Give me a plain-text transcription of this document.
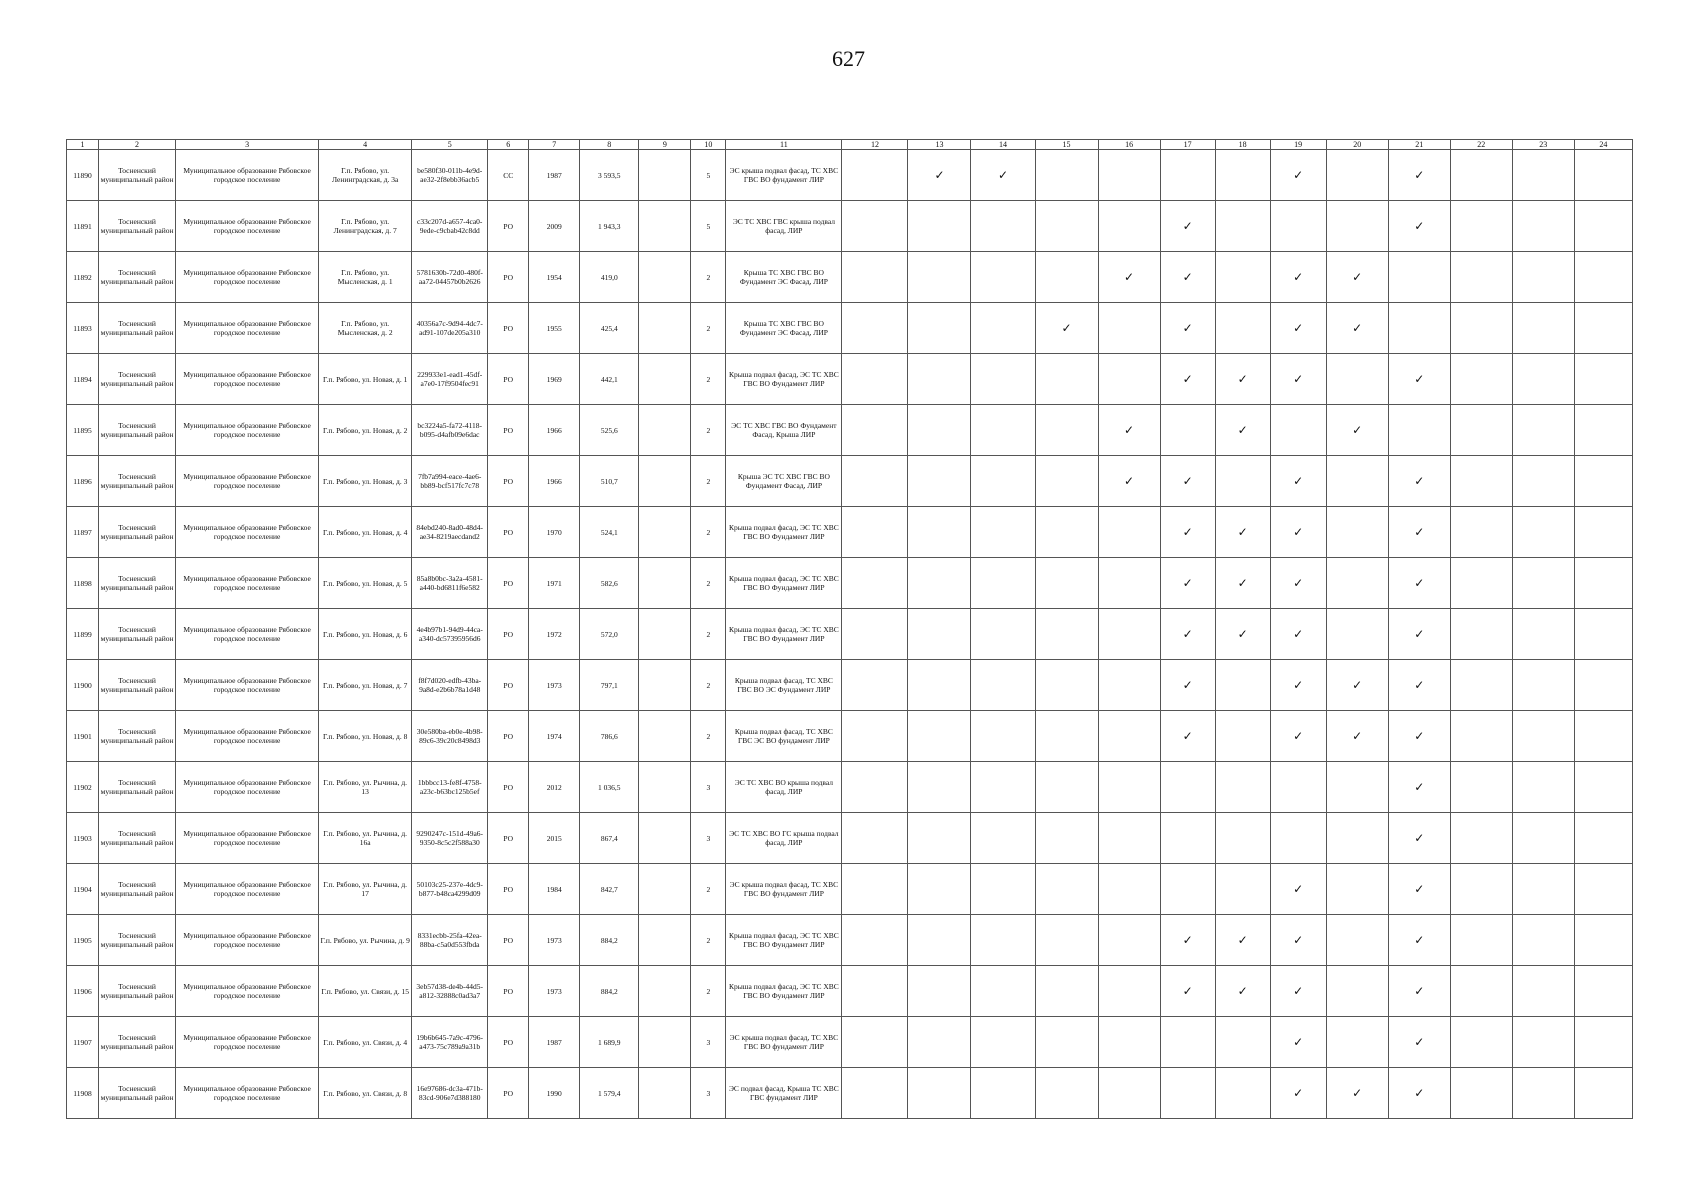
627
1	2	3	4	5	6	7	8	9	10	11	12	13	14	15	16	17	18	19	20	21	22	23	24
11890	Тосненский муниципальный район	Муниципальное образование Рябовское городское поселение	Г.п. Рябово, ул. Ленинградская, д. 3а	be580f30-011b-4e9d-ae32-2f8ebb36acb5	СС	1987	3 593,5		5	ЭС крыша подвал фасад, ТС ХВС ГВС ВО фундамент ЛИР		✓	✓					✓		✓			
11891	Тосненский муниципальный район	Муниципальное образование Рябовское городское поселение	Г.п. Рябово, ул. Ленинградская, д. 7	c33c207d-a657-4ca0-9ede-c9cbab42c8dd	РО	2009	1 943,3		5	ЭС ТС ХВС ГВС крыша подвал фасад, ЛИР						✓				✓			
11892	Тосненский муниципальный район	Муниципальное образование Рябовское городское поселение	Г.п. Рябово, ул. Мысленская, д. 1	5781630b-72d0-480f-aa72-04457b0b2626	РО	1954	419,0		2	Крыша ТС ХВС ГВС ВО Фундамент ЭС Фасад, ЛИР					✓	✓		✓	✓				
11893	Тосненский муниципальный район	Муниципальное образование Рябовское городское поселение	Г.п. Рябово, ул. Мысленская, д. 2	40356a7c-9d94-4dc7-ad91-107de205a310	РО	1955	425,4		2	Крыша ТС ХВС ГВС ВО Фундамент ЭС Фасад, ЛИР				✓		✓		✓	✓				
11894	Тосненский муниципальный район	Муниципальное образование Рябовское городское поселение	Г.п. Рябово, ул. Новая, д. 1	229933e1-ead1-45df-a7e0-17f9504fec91	РО	1969	442,1		2	Крыша подвал фасад, ЭС ТС ХВС ГВС ВО Фундамент ЛИР						✓	✓	✓		✓			
11895	Тосненский муниципальный район	Муниципальное образование Рябовское городское поселение	Г.п. Рябово, ул. Новая, д. 2	bc3224a5-fa72-4118-b095-d4afb09e6dac	РО	1966	525,6		2	ЭС ТС ХВС ГВС ВО Фундамент Фасад, Крыша ЛИР					✓		✓		✓				
11896	Тосненский муниципальный район	Муниципальное образование Рябовское городское поселение	Г.п. Рябово, ул. Новая, д. 3	7fb7a994-eace-4ae6-bb89-bcf517fc7c78	РО	1966	510,7		2	Крыша ЭС ТС ХВС ГВС ВО Фундамент Фасад, ЛИР					✓	✓		✓		✓			
11897	Тосненский муниципальный район	Муниципальное образование Рябовское городское поселение	Г.п. Рябово, ул. Новая, д. 4	84ebd240-8ad0-48d4-ae34-8219aecdand2	РО	1970	524,1		2	Крыша подвал фасад, ЭС ТС ХВС ГВС ВО Фундамент ЛИР						✓	✓	✓		✓			
11898	Тосненский муниципальный район	Муниципальное образование Рябовское городское поселение	Г.п. Рябово, ул. Новая, д. 5	85a8b0bc-3a2a-4581-a440-bd6811f6e582	РО	1971	582,6		2	Крыша подвал фасад, ЭС ТС ХВС ГВС ВО Фундамент ЛИР						✓	✓	✓		✓			
11899	Тосненский муниципальный район	Муниципальное образование Рябовское городское поселение	Г.п. Рябово, ул. Новая, д. 6	4e4b97b1-94d9-44ca-a340-dc57395956d6	РО	1972	572,0		2	Крыша подвал фасад, ЭС ТС ХВС ГВС ВО Фундамент ЛИР						✓	✓	✓		✓			
11900	Тосненский муниципальный район	Муниципальное образование Рябовское городское поселение	Г.п. Рябово, ул. Новая, д. 7	f8f7d020-edfb-43ba-9a8d-e2b6b78a1d48	РО	1973	797,1		2	Крыша подвал фасад, ТС ХВС ГВС ВО ЭС Фундамент ЛИР						✓		✓	✓	✓			
11901	Тосненский муниципальный район	Муниципальное образование Рябовское городское поселение	Г.п. Рябово, ул. Новая, д. 8	30e580ba-eb0e-4b98-89c6-39c20c8498d3	РО	1974	786,6		2	Крыша подвал фасад, ТС ХВС ГВС ЭС ВО фундамент ЛИР						✓		✓	✓	✓			
11902	Тосненский муниципальный район	Муниципальное образование Рябовское городское поселение	Г.п. Рябово, ул. Рычина, д. 13	1bbbcc13-fe8f-4758-a23c-b63bc125b5ef	РО	2012	1 036,5		3	ЭС ТС ХВС ВО крыша подвал фасад, ЛИР										✓			
11903	Тосненский муниципальный район	Муниципальное образование Рябовское городское поселение	Г.п. Рябово, ул. Рычина, д. 16а	9290247c-151d-49a6-9350-8c5c2f588a30	РО	2015	867,4		3	ЭС ТС ХВС ВО ГС крыша подвал фасад, ЛИР										✓			
11904	Тосненский муниципальный район	Муниципальное образование Рябовское городское поселение	Г.п. Рябово, ул. Рычина, д. 17	50103c25-237e-4dc9-b877-b48ca4299d09	РО	1984	842,7		2	ЭС крыша подвал фасад, ТС ХВС ГВС ВО фундамент ЛИР								✓		✓			
11905	Тосненский муниципальный район	Муниципальное образование Рябовское городское поселение	Г.п. Рябово, ул. Рычина, д. 9	8331ecbb-25fa-42ea-88ba-c5a0d553fbda	РО	1973	884,2		2	Крыша подвал фасад, ЭС ТС ХВС ГВС ВО Фундамент ЛИР						✓	✓	✓		✓			
11906	Тосненский муниципальный район	Муниципальное образование Рябовское городское поселение	Г.п. Рябово, ул. Связи, д. 15	3eb57d38-de4b-44d5-a812-32888c0ad3a7	РО	1973	884,2		2	Крыша подвал фасад, ЭС ТС ХВС ГВС ВО Фундамент ЛИР						✓	✓	✓		✓			
11907	Тосненский муниципальный район	Муниципальное образование Рябовское городское поселение	Г.п. Рябово, ул. Связи, д. 4	19b6b645-7a9c-4796-a473-75c789a9a31b	РО	1987	1 689,9		3	ЭС крыша подвал фасад, ТС ХВС ГВС ВО фундамент ЛИР								✓		✓			
11908	Тосненский муниципальный район	Муниципальное образование Рябовское городское поселение	Г.п. Рябово, ул. Связи, д. 8	16e97686-dc3a-471b-83cd-906e7d388180	РО	1990	1 579,4		3	ЭС подвал фасад, Крыша ТС ХВС ГВС фундамент ЛИР								✓	✓	✓			
